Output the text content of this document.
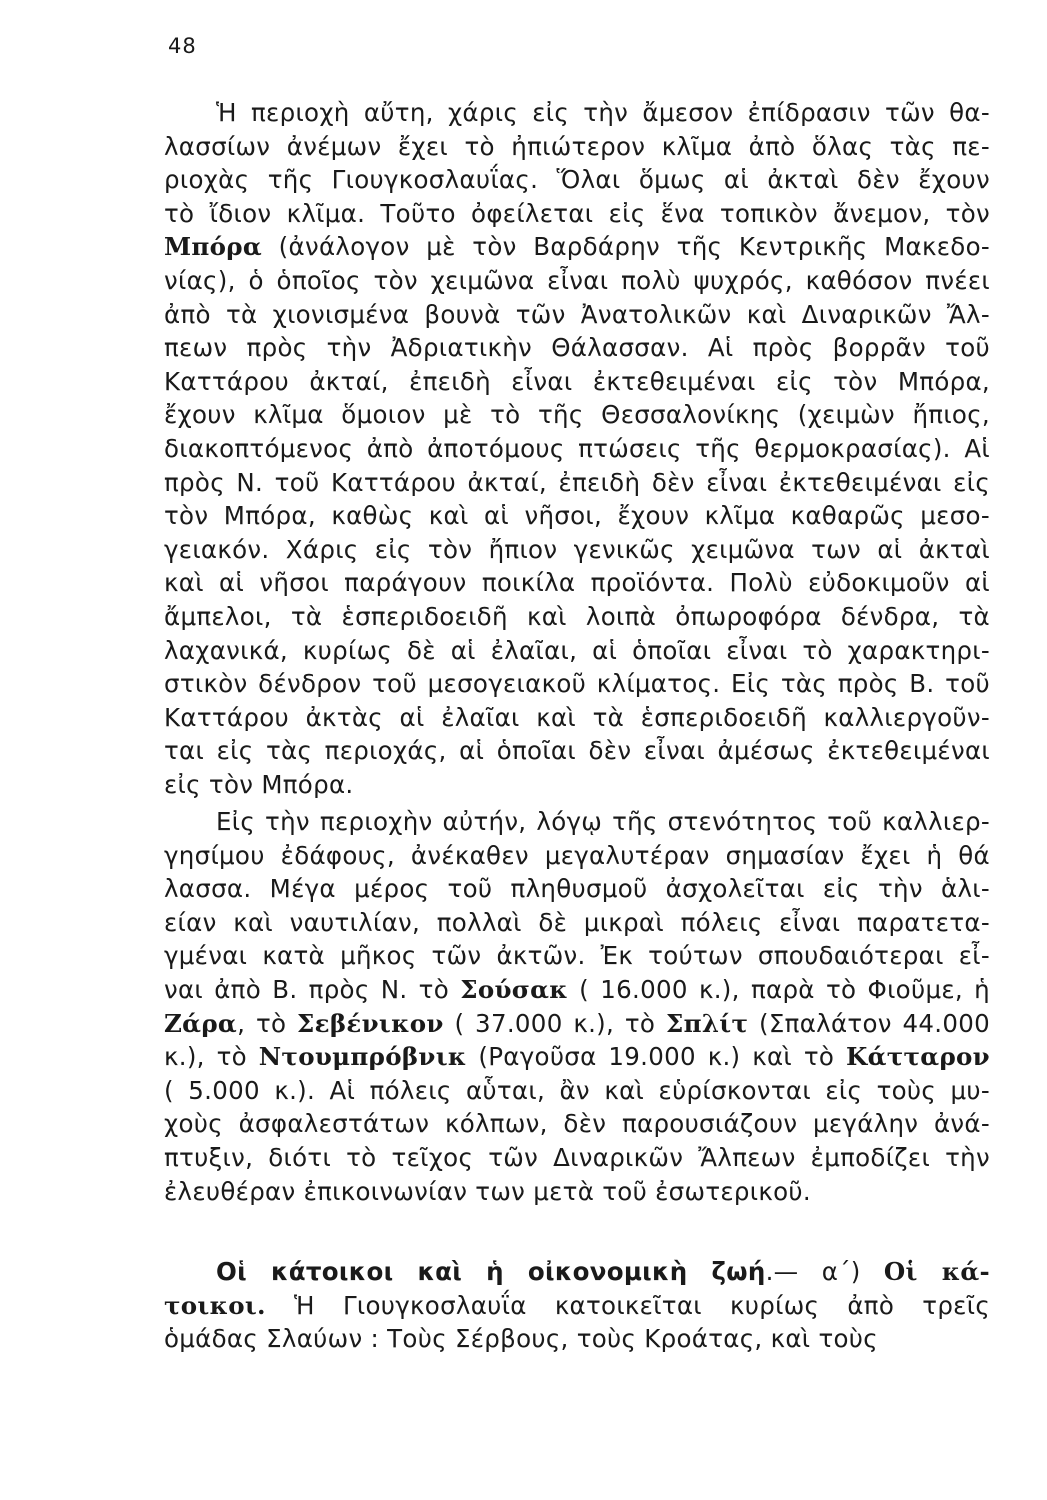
48
Ἡ περιοχὴ αὔτη, χάρις εἰς τὴν ἄμεσον ἐπίδρασιν τῶν θα-
λασσίων ἀνέμων ἔχει τὸ ἠπιώτερον κλῖμα ἀπὸ ὅλας τὰς πε-
ριοχὰς τῆς Γιουγκοσλαυΐας. Ὅλαι ὅμως αἱ ἀκταὶ δὲν ἔχουν
τὸ ἴδιον κλῖμα. Τοῦτο ὀφείλεται εἰς ἕνα τοπικὸν ἄνεμον, τὸν
Μπόρα (ἀνάλογον μὲ τὸν Βαρδάρην τῆς Κεντρικῆς Μακεδο-
νίας), ὁ ὁποῖος τὸν χειμῶνα εἶναι πολὺ ψυχρός, καθόσον πνέει
ἀπὸ τὰ χιονισμένα βουνὰ τῶν Ἀνατολικῶν καὶ Διναρικῶν Ἄλ-
πεων πρὸς τὴν Ἀδριατικὴν Θάλασσαν. Αἱ πρὸς βορρᾶν τοῦ
Καττάρου ἀκταί, ἐπειδὴ εἶναι ἐκτεθειμέναι εἰς τὸν Μπόρα,
ἔχουν κλῖμα ὅμοιον μὲ τὸ τῆς Θεσσαλονίκης (χειμὼν ἤπιος,
διακοπτόμενος ἀπὸ ἀποτόμους πτώσεις τῆς θερμοκρασίας). Αἱ
πρὸς Ν. τοῦ Καττάρου ἀκταί, ἐπειδὴ δὲν εἶναι ἐκτεθειμέναι εἰς
τὸν Μπόρα, καθὼς καὶ αἱ νῆσοι, ἔχουν κλῖμα καθαρῶς μεσο-
γειακόν. Χάρις εἰς τὸν ἤπιον γενικῶς χειμῶνα των αἱ ἀκταὶ
καὶ αἱ νῆσοι παράγουν ποικίλα προϊόντα. Πολὺ εὐδοκιμοῦν αἱ
ἄμπελοι, τὰ ἑσπεριδοειδῆ καὶ λοιπὰ ὀπωροφόρα δένδρα, τὰ
λαχανικά, κυρίως δὲ αἱ ἐλαῖαι, αἱ ὁποῖαι εἶναι τὸ χαρακτηρι-
στικὸν δένδρον τοῦ μεσογειακοῦ κλίματος. Εἰς τὰς πρὸς Β. τοῦ
Καττάρου ἀκτὰς αἱ ἐλαῖαι καὶ τὰ ἑσπεριδοειδῆ καλλιεργοῦν-
ται εἰς τὰς περιοχάς, αἱ ὁποῖαι δὲν εἶναι ἀμέσως ἐκτεθειμέναι
εἰς τὸν Μπόρα.
Εἰς τὴν περιοχὴν αὐτήν, λόγῳ τῆς στενότητος τοῦ καλλιερ-
γησίμου ἐδάφους, ἀνέκαθεν μεγαλυτέραν σημασίαν ἔχει ἡ θά
λασσα. Μέγα μέρος τοῦ πληθυσμοῦ ἀσχολεῖται εἰς τὴν ἁλι-
είαν καὶ ναυτιλίαν, πολλαὶ δὲ μικραὶ πόλεις εἶναι παρατετα-
γμέναι κατὰ μῆκος τῶν ἀκτῶν. Ἐκ τούτων σπουδαιότεραι εἶ-
ναι ἀπὸ Β. πρὸς Ν. τὸ Σούσακ ( 16.000 κ.), παρὰ τὸ Φιοῦμε, ἡ
Ζάρα, τὸ Σεβένικον ( 37.000 κ.), τὸ Σπλίτ (Σπαλάτον 44.000
κ.), τὸ Ντουμπρόβνικ (Ραγοῦσα 19.000 κ.) καὶ τὸ Κάτταρον
( 5.000 κ.). Αἱ πόλεις αὗται, ἂν καὶ εὑρίσκονται εἰς τοὺς μυ-
χοὺς ἀσφαλεστάτων κόλπων, δὲν παρουσιάζουν μεγάλην ἀνά-
πτυξιν, διότι τὸ τεῖχος τῶν Διναρικῶν Ἄλπεων ἐμποδίζει τὴν
ἐλευθέραν ἐπικοινωνίαν των μετὰ τοῦ ἐσωτερικοῦ.
Οἱ κάτοικοι καὶ ἡ οἰκονομικὴ ζωή.— α΄) Οἱ κά-
τοικοι. Ἡ Γιουγκοσλαυΐα κατοικεῖται κυρίως ἀπὸ τρεῖς
ὁμάδας Σλαύων : Τοὺς Σέρβους, τοὺς Κροάτας, καὶ τοὺς
